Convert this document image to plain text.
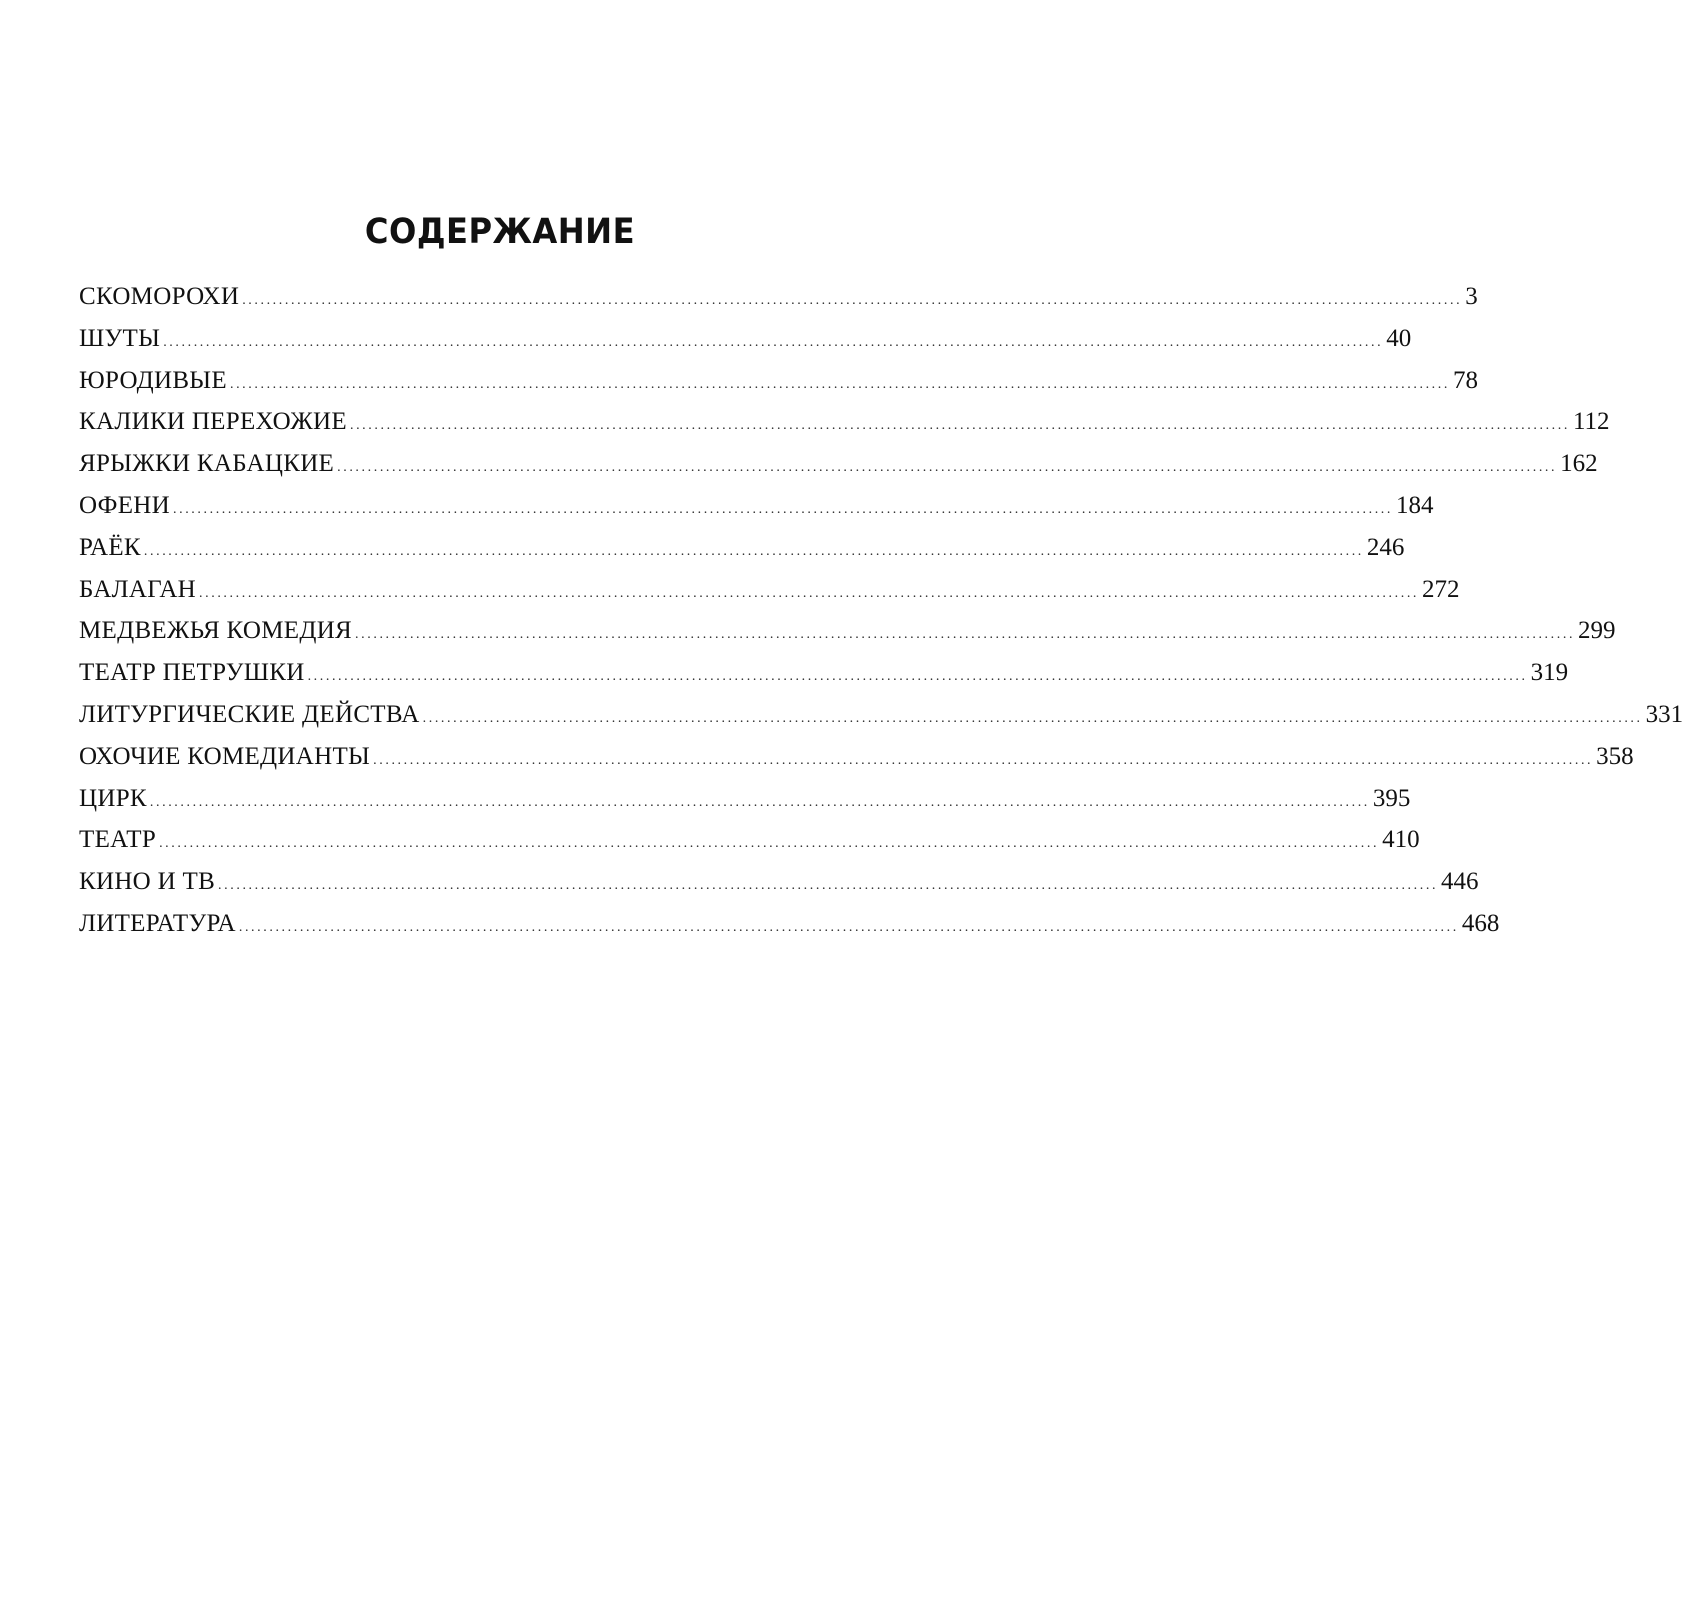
СОДЕРЖАНИЕ
СКОМОРОХИ ........................................................................................................................................................................................................ 3
ШУТЫ ........................................................................................................................................................................................................ 40
ЮРОДИВЫЕ ........................................................................................................................................................................................................ 78
КАЛИКИ ПЕРЕХОЖИЕ ........................................................................................................................................................................................................ 112
ЯРЫЖКИ КАБАЦКИЕ ........................................................................................................................................................................................................ 162
ОФЕНИ ........................................................................................................................................................................................................ 184
РАЁК ........................................................................................................................................................................................................ 246
БАЛАГАН ........................................................................................................................................................................................................ 272
МЕДВЕЖЬЯ КОМЕДИЯ ........................................................................................................................................................................................................ 299
ТЕАТР ПЕТРУШКИ ........................................................................................................................................................................................................ 319
ЛИТУРГИЧЕСКИЕ ДЕЙСТВА ........................................................................................................................................................................................................ 331
ОХОЧИЕ КОМЕДИАНТЫ ........................................................................................................................................................................................................ 358
ЦИРК ........................................................................................................................................................................................................ 395
ТЕАТР ........................................................................................................................................................................................................ 410
КИНО И ТВ ........................................................................................................................................................................................................ 446
ЛИТЕРАТУРА ........................................................................................................................................................................................................ 468
